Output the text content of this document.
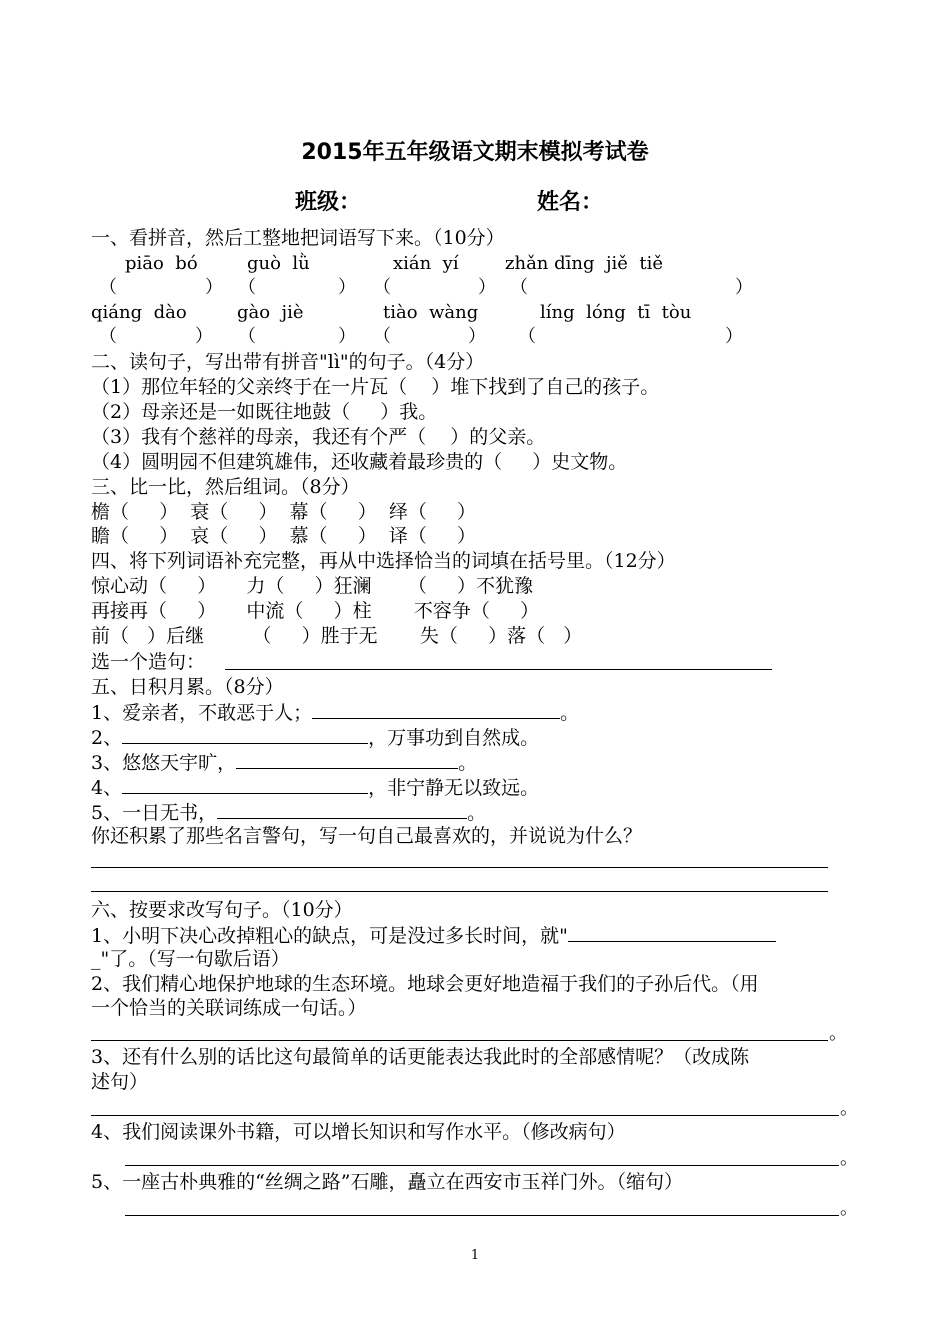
2015年五年级语文期末模拟考试卷
班级：	姓名：
一、看拼音，然后工整地把词语写下来。（10分）
piāo  bó	guò  lǜ	xián  yí	zhǎn dīng  jiě  tiě
（	） （	） （	） （	）
qiáng  dào	gào  jiè	tiào  wàng	líng  lóng  tī  tòu
（	） （	） （	） （	）
二、读句子，写出带有拼音"lì"的句子。（4分）
（1）那位年轻的父亲终于在一片瓦（    ）堆下找到了自己的孩子。
（2）母亲还是一如既往地鼓（     ）我。
（3）我有个慈祥的母亲，我还有个严（    ）的父亲。
（4）圆明园不但建筑雄伟，还收藏着最珍贵的（     ）史文物。
三、比一比，然后组词。（8分）
檐（     ）  衰（     ）  幕（     ）  绎（     ）
瞻（     ）  哀（     ）  慕（     ）  译（     ）
四、将下列词语补充完整，再从中选择恰当的词填在括号里。（12分）
惊心动（     ）     力（     ）狂澜      （     ）不犹豫
再接再（     ）     中流（     ）柱       不容争（     ）
前（   ）后继        （     ）胜于无       失（     ）落（   ）
选一个造句：
五、日积月累。（8分）
1、爱亲者，不敢恶于人；	。
2、	，万事功到自然成。
3、悠悠天宇旷，	。
4、	，非宁静无以致远。
5、一日无书，	。
你还积累了那些名言警句，写一句自己最喜欢的，并说说为什么？
六、按要求改写句子。（10分）
1、小明下决心改掉粗心的缺点，可是没过多长时间，就"
_"了。（写一句歇后语）
2、我们精心地保护地球的生态环境。地球会更好地造福于我们的子孙后代。（用
一个恰当的关联词练成一句话。）
。
3、还有什么别的话比这句最简单的话更能表达我此时的全部感情呢？（改成陈
述句）
。
4、我们阅读课外书籍，可以增长知识和写作水平。（修改病句）
。
5、一座古朴典雅的“丝绸之路”石雕，矗立在西安市玉祥门外。（缩句）
。
1
